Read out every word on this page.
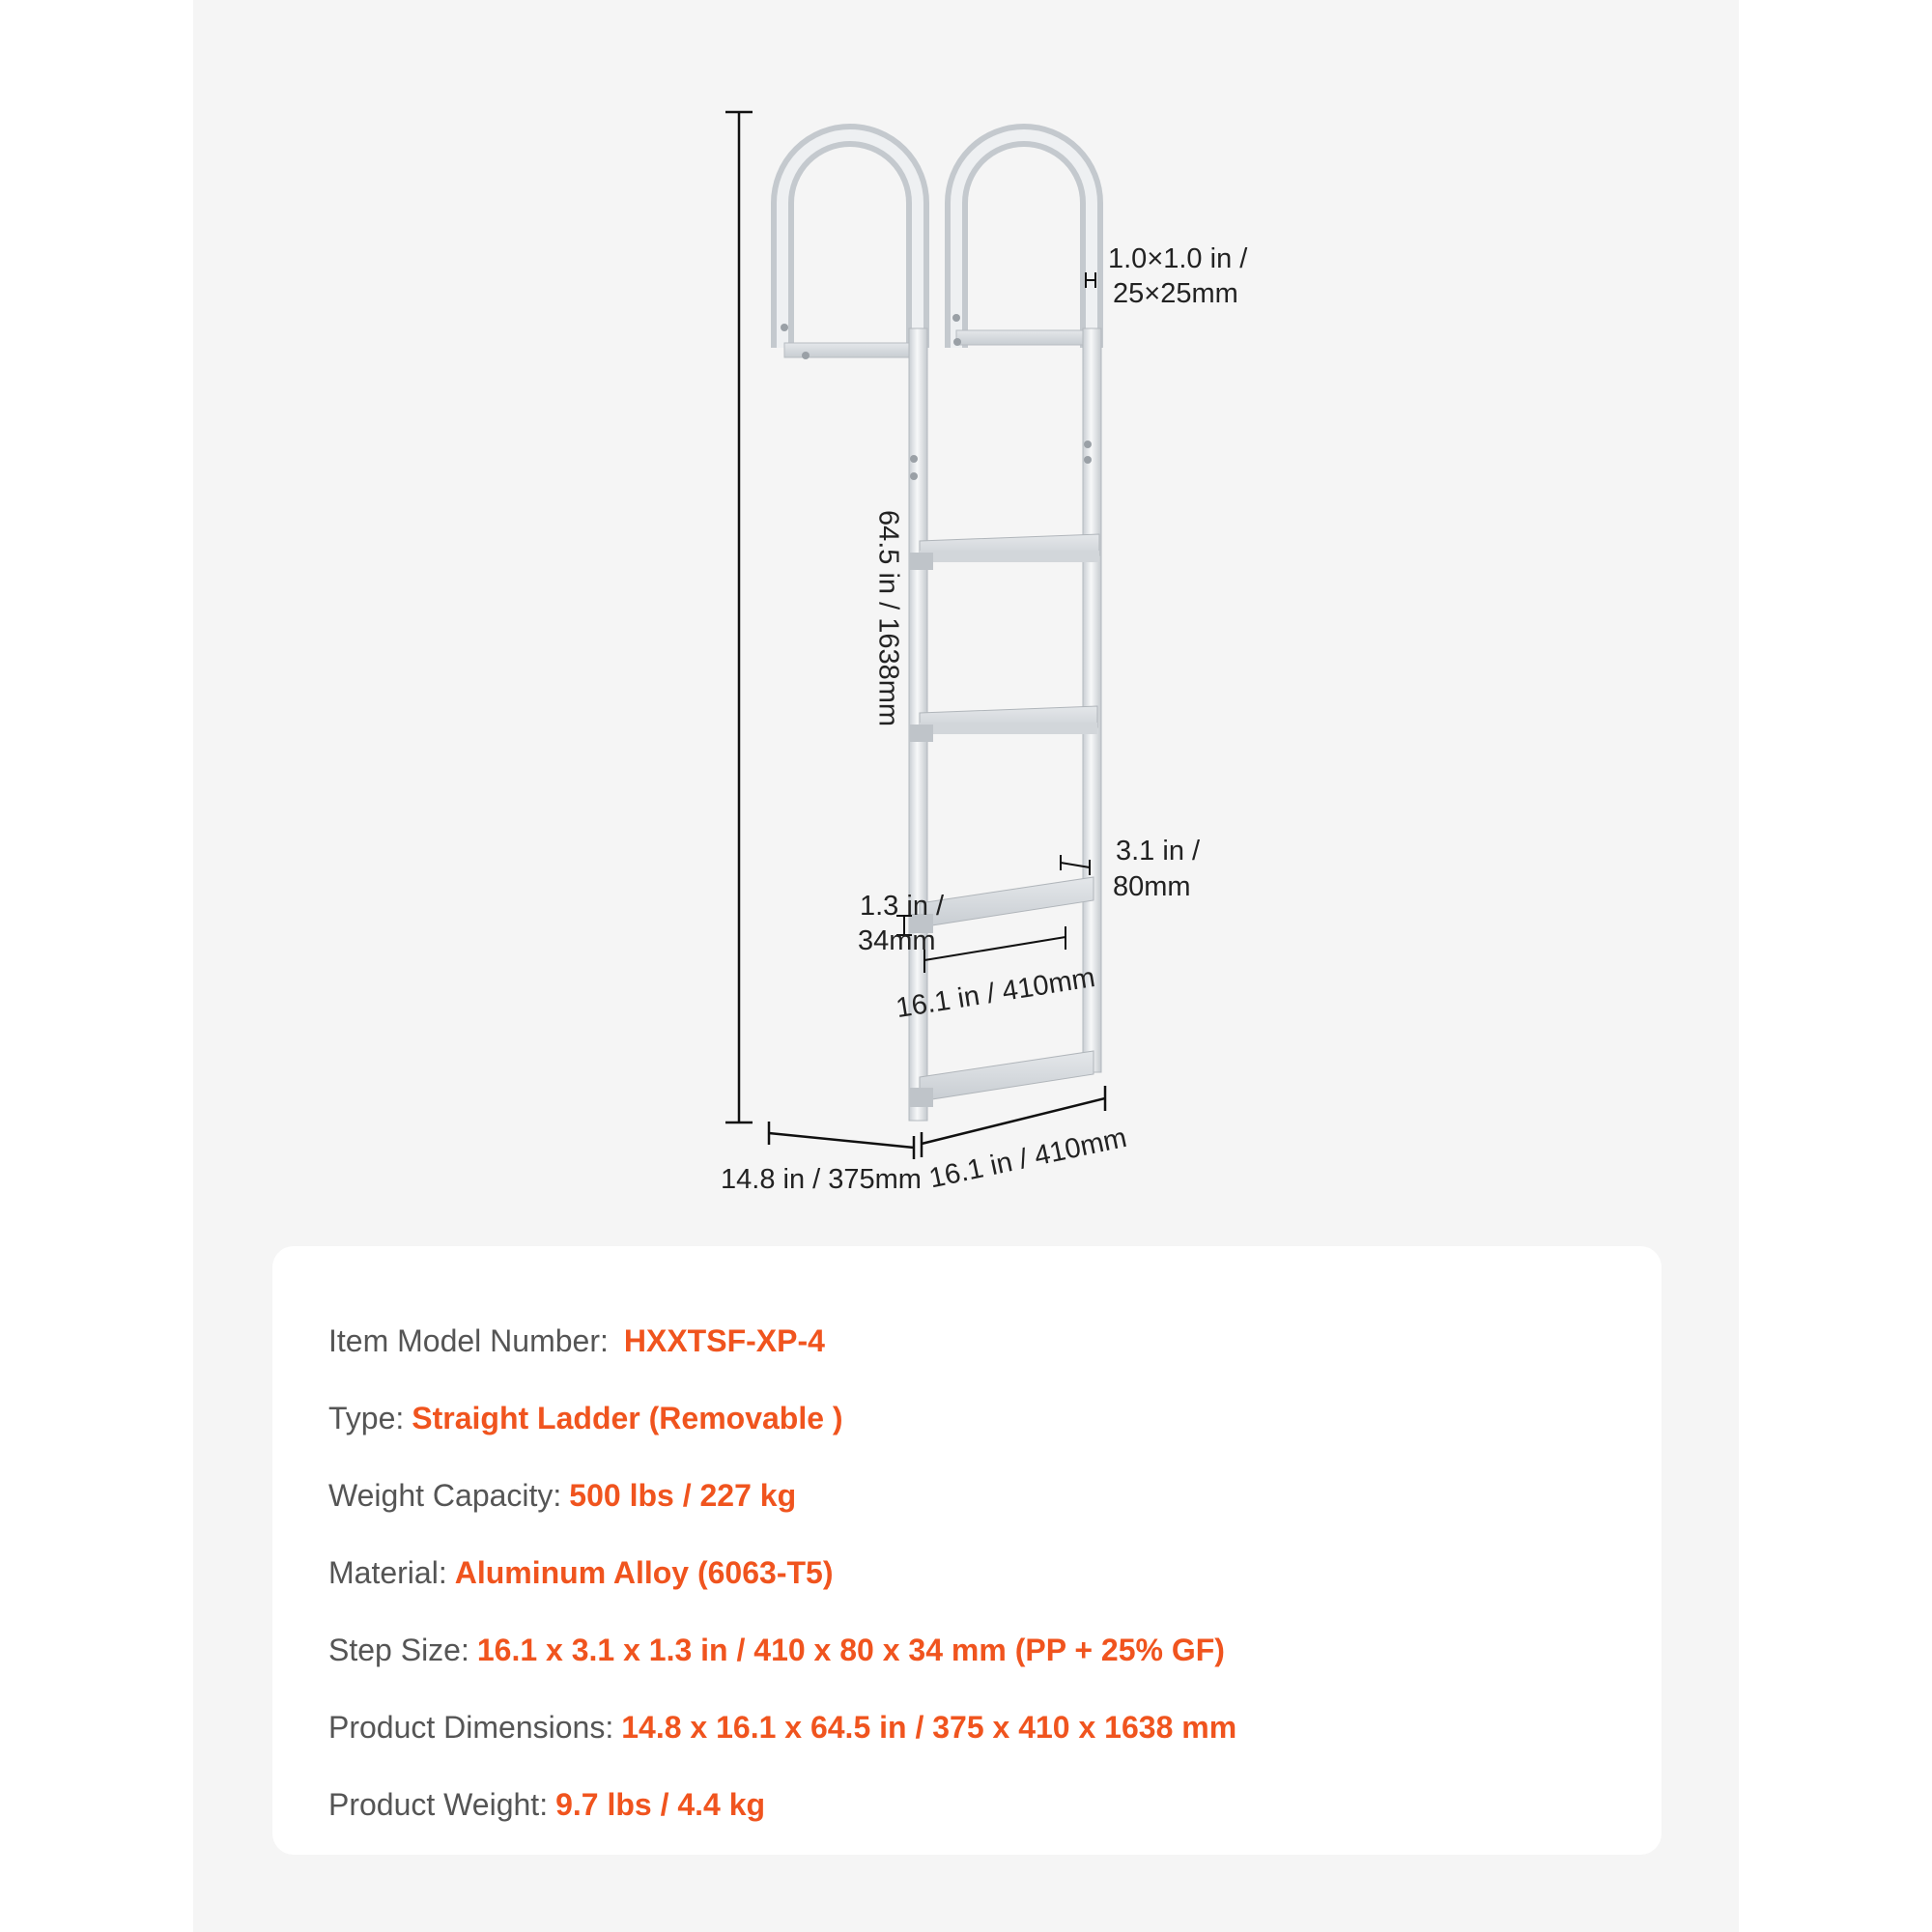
64.5 in / 1638mm
1.0×1.0 in /
25×25mm
3.1 in /
80mm
1.3 in /
34mm
16.1 in / 410mm
14.8 in / 375mm 16.1 in / 410mm
Item Model Number: HXXTSF-XP-4
Type: Straight Ladder (Removable )
Weight Capacity: 500 lbs / 227 kg
Material: Aluminum Alloy (6063-T5)
Step Size: 16.1 x 3.1 x 1.3 in / 410 x 80 x 34 mm (PP + 25% GF)
Product Dimensions: 14.8 x 16.1 x 64.5 in / 375 x 410 x 1638 mm
Product Weight: 9.7 lbs / 4.4 kg
